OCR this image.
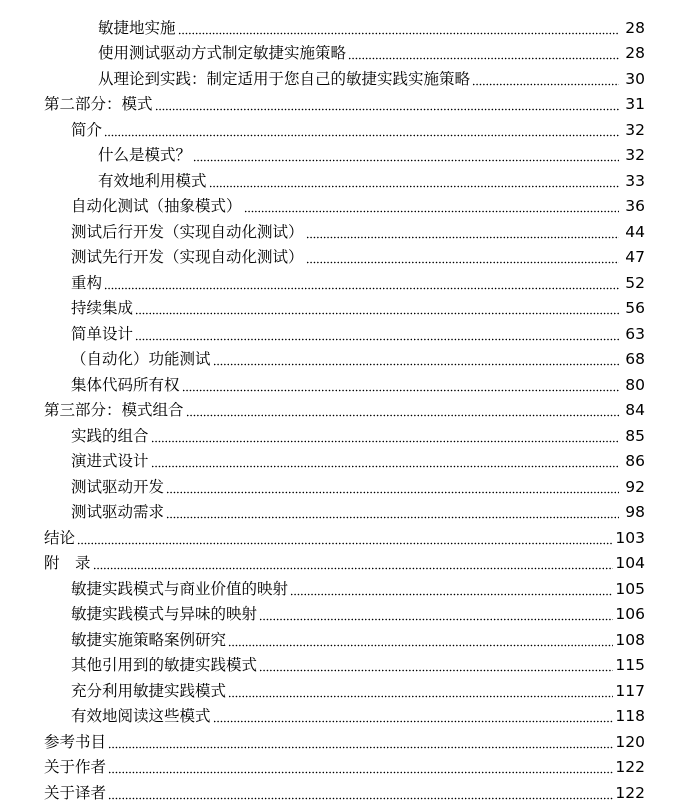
敏捷地实施	28
使用测试驱动方式制定敏捷实施策略	28
从理论到实践：制定适用于您自己的敏捷实践实施策略	30
第二部分：模式	31
简介	32
什么是模式？	32
有效地利用模式	33
自动化测试（抽象模式）	36
测试后行开发（实现自动化测试）	44
测试先行开发（实现自动化测试）	47
重构	52
持续集成	56
简单设计	63
（自动化）功能测试	68
集体代码所有权	80
第三部分：模式组合	84
实践的组合	85
演进式设计	86
测试驱动开发	92
测试驱动需求	98
结论	103
附　录	104
敏捷实践模式与商业价值的映射	105
敏捷实践模式与异味的映射	106
敏捷实施策略案例研究	108
其他引用到的敏捷实践模式	115
充分利用敏捷实践模式	117
有效地阅读这些模式	118
参考书目	120
关于作者	122
关于译者	122
